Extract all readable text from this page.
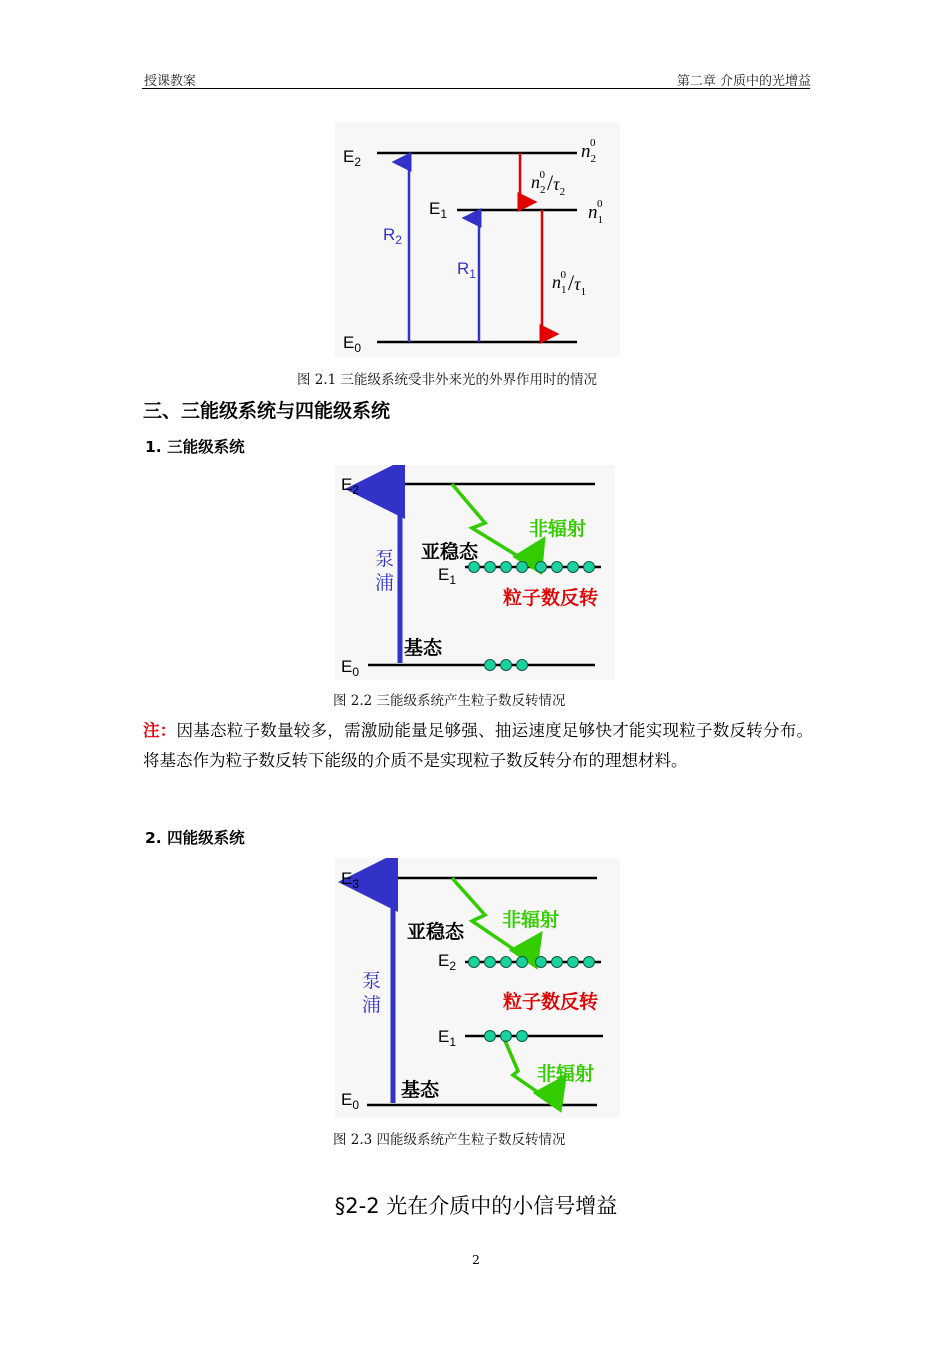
授课教案	第二章 介质中的光增益
$E_2$
$E_1$
$E_0$
$R_2$
$R_1$
$n_20$
$n_10$
$n_20/\tau_2$
$n_10/\tau_1$
图 2.1 三能级系统受非外来光的外界作用时的情况
三、三能级系统与四能级系统
1. 三能级系统
$E_2$
$E_1$
$E_0$
泵
浦
亚稳态
非辐射
粒子数反转
基态
图 2.2 三能级系统产生粒子数反转情况
注：因基态粒子数量较多，需激励能量足够强、抽运速度足够快才能实现粒子数反转分布。将基态作为粒子数反转下能级的介质不是实现粒子数反转分布的理想材料。
2. 四能级系统
$E_3$
$E_2$
$E_1$
$E_0$
泵
浦
亚稳态
非辐射
粒子数反转
非辐射
基态
图 2.3 四能级系统产生粒子数反转情况
§2-2 光在介质中的小信号增益
2
